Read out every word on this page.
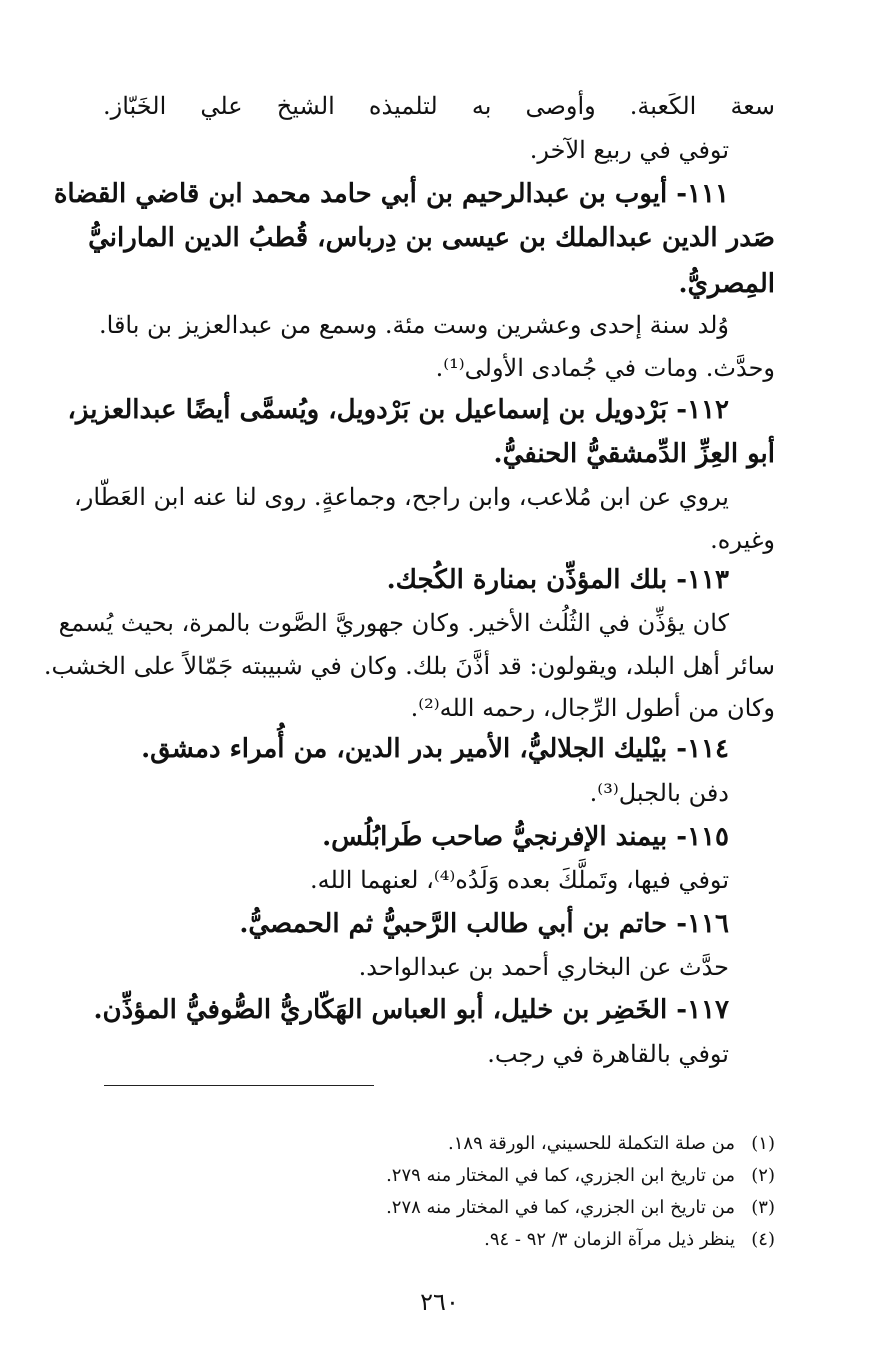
سعة الكَعبة. وأوصى به لتلميذه الشيخ علي الخَبّاز.
توفي في ربيع الآخر.
١١١- أيوب بن عبدالرحيم بن أبي حامد محمد ابن قاضي القضاة
صَدر الدين عبدالملك بن عيسى بن دِرباس، قُطبُ الدين المارانيُّ
المِصريُّ.
وُلد سنة إحدى وعشرين وست مئة. وسمع من عبدالعزيز بن باقا.
وحدَّث. ومات في جُمادى الأولى⁽¹⁾.
١١٢- بَرْدويل بن إسماعيل بن بَرْدويل، ويُسمَّى أيضًا عبدالعزيز،
أبو العِزِّ الدِّمشقيُّ الحنفيُّ.
يروي عن ابن مُلاعب، وابن راجح، وجماعةٍ. روى لنا عنه ابن العَطّار،
وغيره.
١١٣- بلك المؤذِّن بمنارة الكُجك.
كان يؤذِّن في الثُلُث الأخير. وكان جهوريَّ الصَّوت بالمرة، بحيث يُسمع
سائر أهل البلد، ويقولون: قد أذَّنَ بلك. وكان في شبيبته جَمّالاً على الخشب.
وكان من أطول الرِّجال، رحمه الله⁽²⁾.
١١٤- بيْليك الجلاليُّ، الأمير بدر الدين، من أُمراء دمشق.
دفن بالجبل⁽³⁾.
١١٥- بيمند الإفرنجيُّ صاحب طَرابُلُس.
توفي فيها، وتَملَّكَ بعده وَلَدُه⁽⁴⁾، لعنهما الله.
١١٦- حاتم بن أبي طالب الرَّحبيُّ ثم الحمصيُّ.
حدَّث عن البخاري أحمد بن عبدالواحد.
١١٧- الخَضِر بن خليل، أبو العباس الهَكّاريُّ الصُّوفيُّ المؤذِّن.
توفي بالقاهرة في رجب.
(١)من صلة التكملة للحسيني، الورقة ١٨٩.
(٢)من تاريخ ابن الجزري، كما في المختار منه ٢٧٩.
(٣)من تاريخ ابن الجزري، كما في المختار منه ٢٧٨.
(٤)ينظر ذيل مرآة الزمان ٣/ ٩٢ - ٩٤.
٢٦٠
